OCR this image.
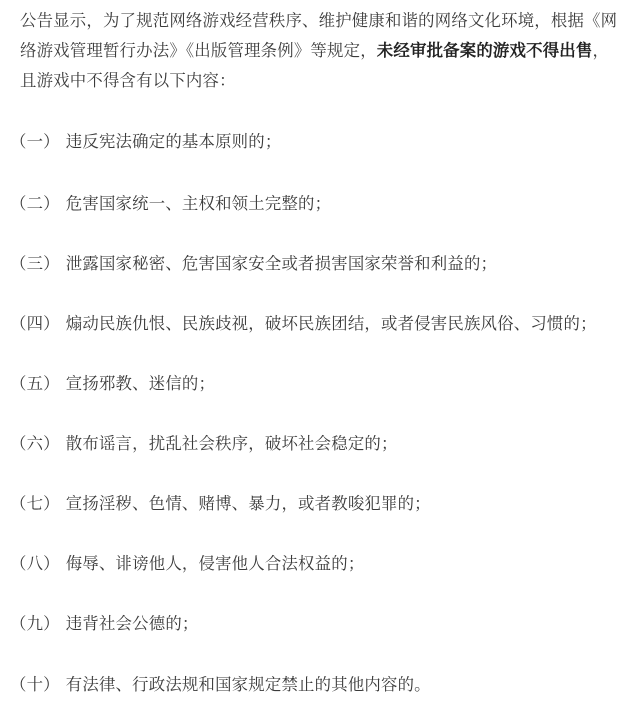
公告显示，为了规范网络游戏经营秩序、维护健康和谐的网络文化环境，根据《网络游戏管理暂行办法》《出版管理条例》等规定，未经审批备案的游戏不得出售，且游戏中不得含有以下内容：

（一） 违反宪法确定的基本原则的；

（二） 危害国家统一、主权和领土完整的；

（三） 泄露国家秘密、危害国家安全或者损害国家荣誉和利益的；

（四） 煽动民族仇恨、民族歧视，破坏民族团结，或者侵害民族风俗、习惯的；

（五） 宣扬邪教、迷信的；

（六） 散布谣言，扰乱社会秩序，破坏社会稳定的；

（七） 宣扬淫秽、色情、赌博、暴力，或者教唆犯罪的；

（八） 侮辱、诽谤他人，侵害他人合法权益的；

（九） 违背社会公德的；

（十） 有法律、行政法规和国家规定禁止的其他内容的。
